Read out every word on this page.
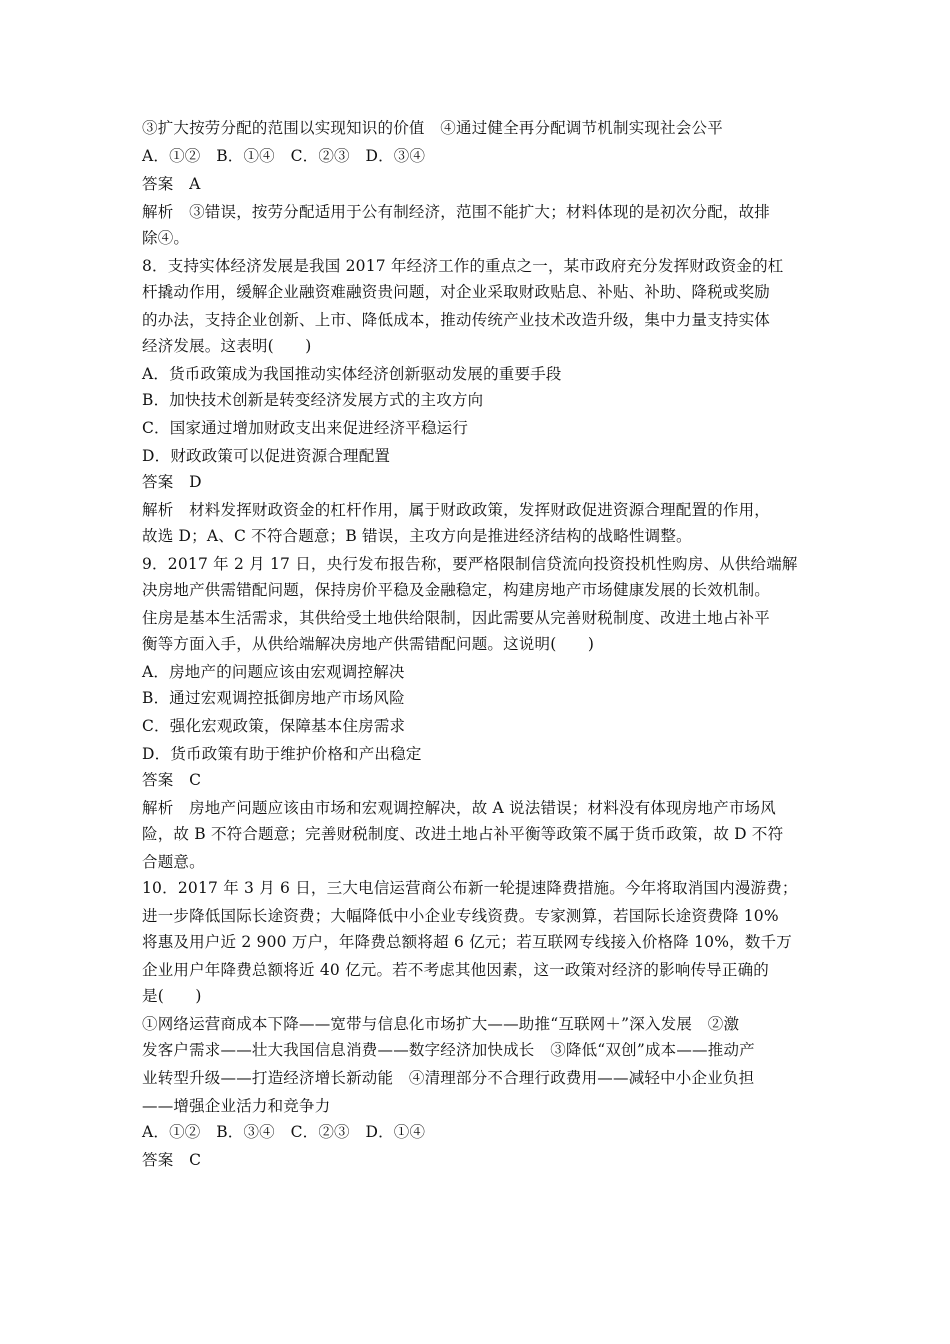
③扩大按劳分配的范围以实现知识的价值　④通过健全再分配调节机制实现社会公平
A．①②　B．①④　C．②③　D．③④
答案　A
解析　③错误，按劳分配适用于公有制经济，范围不能扩大；材料体现的是初次分配，故排
除④。
8．支持实体经济发展是我国 2017 年经济工作的重点之一，某市政府充分发挥财政资金的杠
杆撬动作用，缓解企业融资难融资贵问题，对企业采取财政贴息、补贴、补助、降税或奖励
的办法，支持企业创新、上市、降低成本，推动传统产业技术改造升级，集中力量支持实体
经济发展。这表明(　　)
A．货币政策成为我国推动实体经济创新驱动发展的重要手段
B．加快技术创新是转变经济发展方式的主攻方向
C．国家通过增加财政支出来促进经济平稳运行
D．财政政策可以促进资源合理配置
答案　D
解析　材料发挥财政资金的杠杆作用，属于财政政策，发挥财政促进资源合理配置的作用，
故选 D；A、C 不符合题意；B 错误，主攻方向是推进经济结构的战略性调整。
9．2017 年 2 月 17 日，央行发布报告称，要严格限制信贷流向投资投机性购房、从供给端解
决房地产供需错配问题，保持房价平稳及金融稳定，构建房地产市场健康发展的长效机制。
住房是基本生活需求，其供给受土地供给限制，因此需要从完善财税制度、改进土地占补平
衡等方面入手，从供给端解决房地产供需错配问题。这说明(　　)
A．房地产的问题应该由宏观调控解决
B．通过宏观调控抵御房地产市场风险
C．强化宏观政策，保障基本住房需求
D．货币政策有助于维护价格和产出稳定
答案　C
解析　房地产问题应该由市场和宏观调控解决，故 A 说法错误；材料没有体现房地产市场风
险，故 B 不符合题意；完善财税制度、改进土地占补平衡等政策不属于货币政策，故 D 不符
合题意。
10．2017 年 3 月 6 日，三大电信运营商公布新一轮提速降费措施。今年将取消国内漫游费；
进一步降低国际长途资费；大幅降低中小企业专线资费。专家测算，若国际长途资费降 10%
将惠及用户近 2 900 万户，年降费总额将超 6 亿元；若互联网专线接入价格降 10%，数千万
企业用户年降费总额将近 40 亿元。若不考虑其他因素，这一政策对经济的影响传导正确的
是(　　)
①网络运营商成本下降——宽带与信息化市场扩大——助推“互联网＋”深入发展　②激
发客户需求——壮大我国信息消费——数字经济加快成长　③降低“双创”成本——推动产
业转型升级——打造经济增长新动能　④清理部分不合理行政费用——减轻中小企业负担
——增强企业活力和竞争力
A．①②　B．③④　C．②③　D．①④
答案　C
